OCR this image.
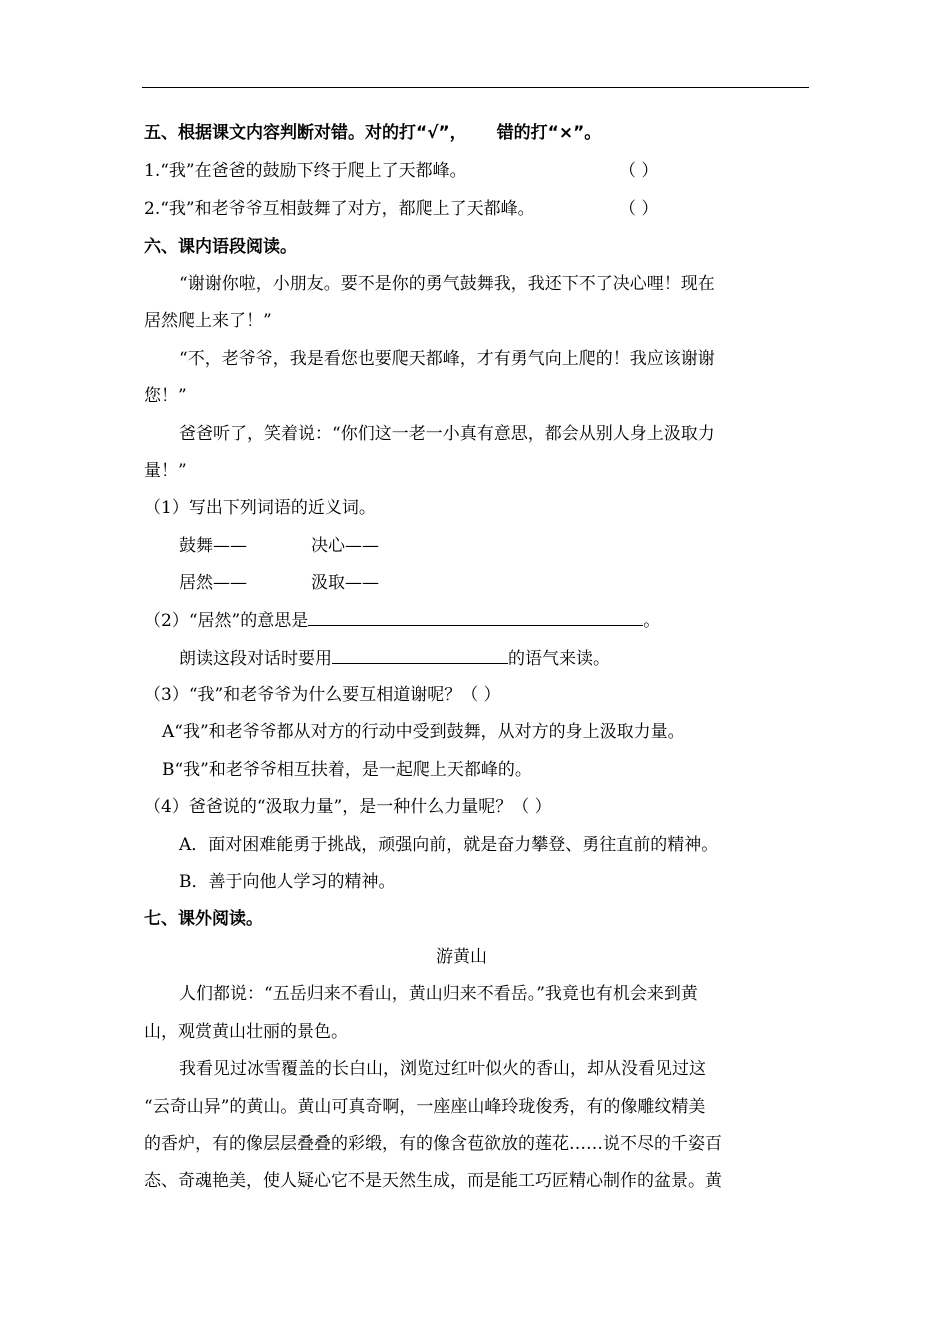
五、根据课文内容判断对错。对的打“√”， 错的打“×”。
1.“我”在爸爸的鼓励下终于爬上了天都峰。	（ ）
2.“我”和老爷爷互相鼓舞了对方，都爬上了天都峰。	（ ）
六、课内语段阅读。
“谢谢你啦，小朋友。要不是你的勇气鼓舞我，我还下不了决心哩！现在
居然爬上来了！”
“不，老爷爷，我是看您也要爬天都峰，才有勇气向上爬的！我应该谢谢
您！”
爸爸听了，笑着说：“你们这一老一小真有意思，都会从别人身上汲取力
量！”
（1）写出下列词语的近义词。
鼓舞——	决心——
居然——	汲取——
（2）“居然”的意思是	。
朗读这段对话时要用	的语气来读。
（3）“我”和老爷爷为什么要互相道谢呢？（ ）
A“我”和老爷爷都从对方的行动中受到鼓舞，从对方的身上汲取力量。
B“我”和老爷爷相互扶着，是一起爬上天都峰的。
（4）爸爸说的“汲取力量”，是一种什么力量呢？（ ）
A．面对困难能勇于挑战，顽强向前，就是奋力攀登、勇往直前的精神。
B．善于向他人学习的精神。
七、课外阅读。
游黄山
人们都说：“五岳归来不看山，黄山归来不看岳。”我竟也有机会来到黄
山，观赏黄山壮丽的景色。
我看见过冰雪覆盖的长白山，浏览过红叶似火的香山，却从没看见过这
“云奇山异”的黄山。黄山可真奇啊，一座座山峰玲珑俊秀，有的像雕纹精美
的香炉，有的像层层叠叠的彩缎，有的像含苞欲放的莲花……说不尽的千姿百
态、奇魂艳美，使人疑心它不是天然生成，而是能工巧匠精心制作的盆景。黄
